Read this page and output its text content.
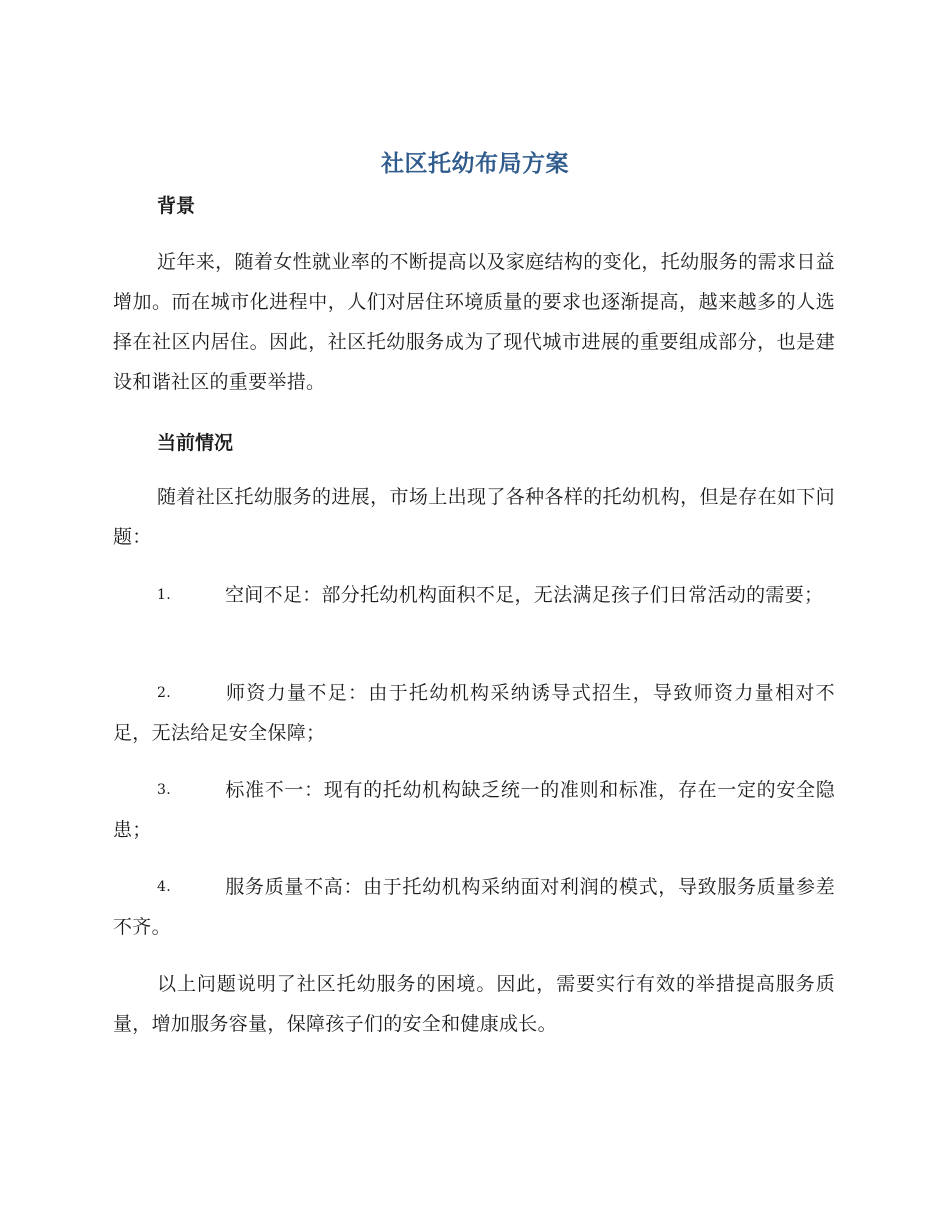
社区托幼布局方案
背景
近年来，随着女性就业率的不断提高以及家庭结构的变化，托幼服务的需求日益增加。而在城市化进程中，人们对居住环境质量的要求也逐渐提高，越来越多的人选择在社区内居住。因此，社区托幼服务成为了现代城市进展的重要组成部分，也是建设和谐社区的重要举措。
当前情况
随着社区托幼服务的进展，市场上出现了各种各样的托幼机构，但是存在如下问题：
1.	空间不足：部分托幼机构面积不足，无法满足孩子们日常活动的需要；
2.	师资力量不足：由于托幼机构采纳诱导式招生，导致师资力量相对不足，无法给足安全保障；
3.	标准不一：现有的托幼机构缺乏统一的准则和标准，存在一定的安全隐患；
4.	服务质量不高：由于托幼机构采纳面对利润的模式，导致服务质量参差不齐。
以上问题说明了社区托幼服务的困境。因此，需要实行有效的举措提高服务质量，增加服务容量，保障孩子们的安全和健康成长。
